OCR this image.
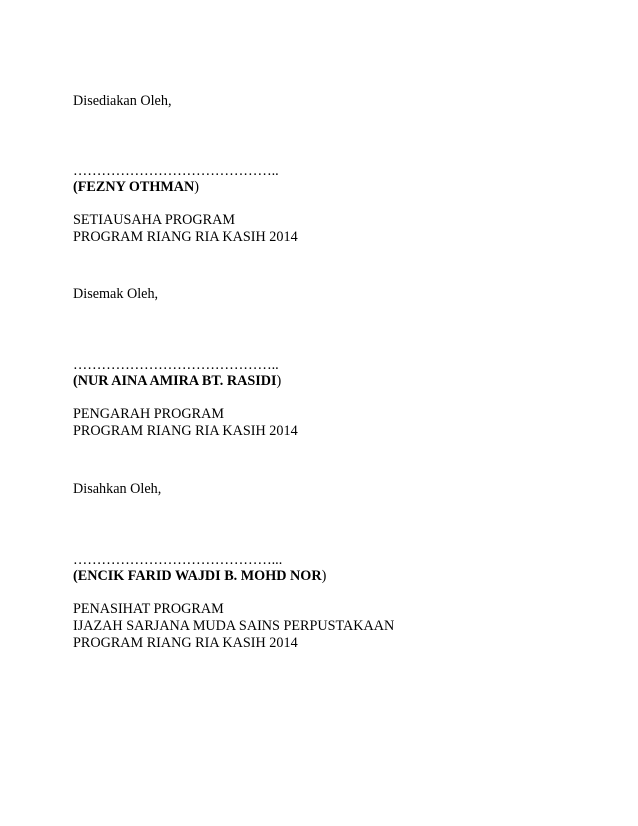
Disediakan Oleh,
……………………………………..
(FEZNY OTHMAN)
SETIAUSAHA PROGRAM
PROGRAM RIANG RIA KASIH 2014
Disemak Oleh,
……………………………………..
(NUR AINA AMIRA BT. RASIDI)
PENGARAH PROGRAM
PROGRAM RIANG RIA KASIH 2014
Disahkan Oleh,
……………………………………...
(ENCIK FARID WAJDI B. MOHD NOR)
PENASIHAT PROGRAM
IJAZAH SARJANA MUDA SAINS PERPUSTAKAAN
PROGRAM RIANG RIA KASIH 2014
